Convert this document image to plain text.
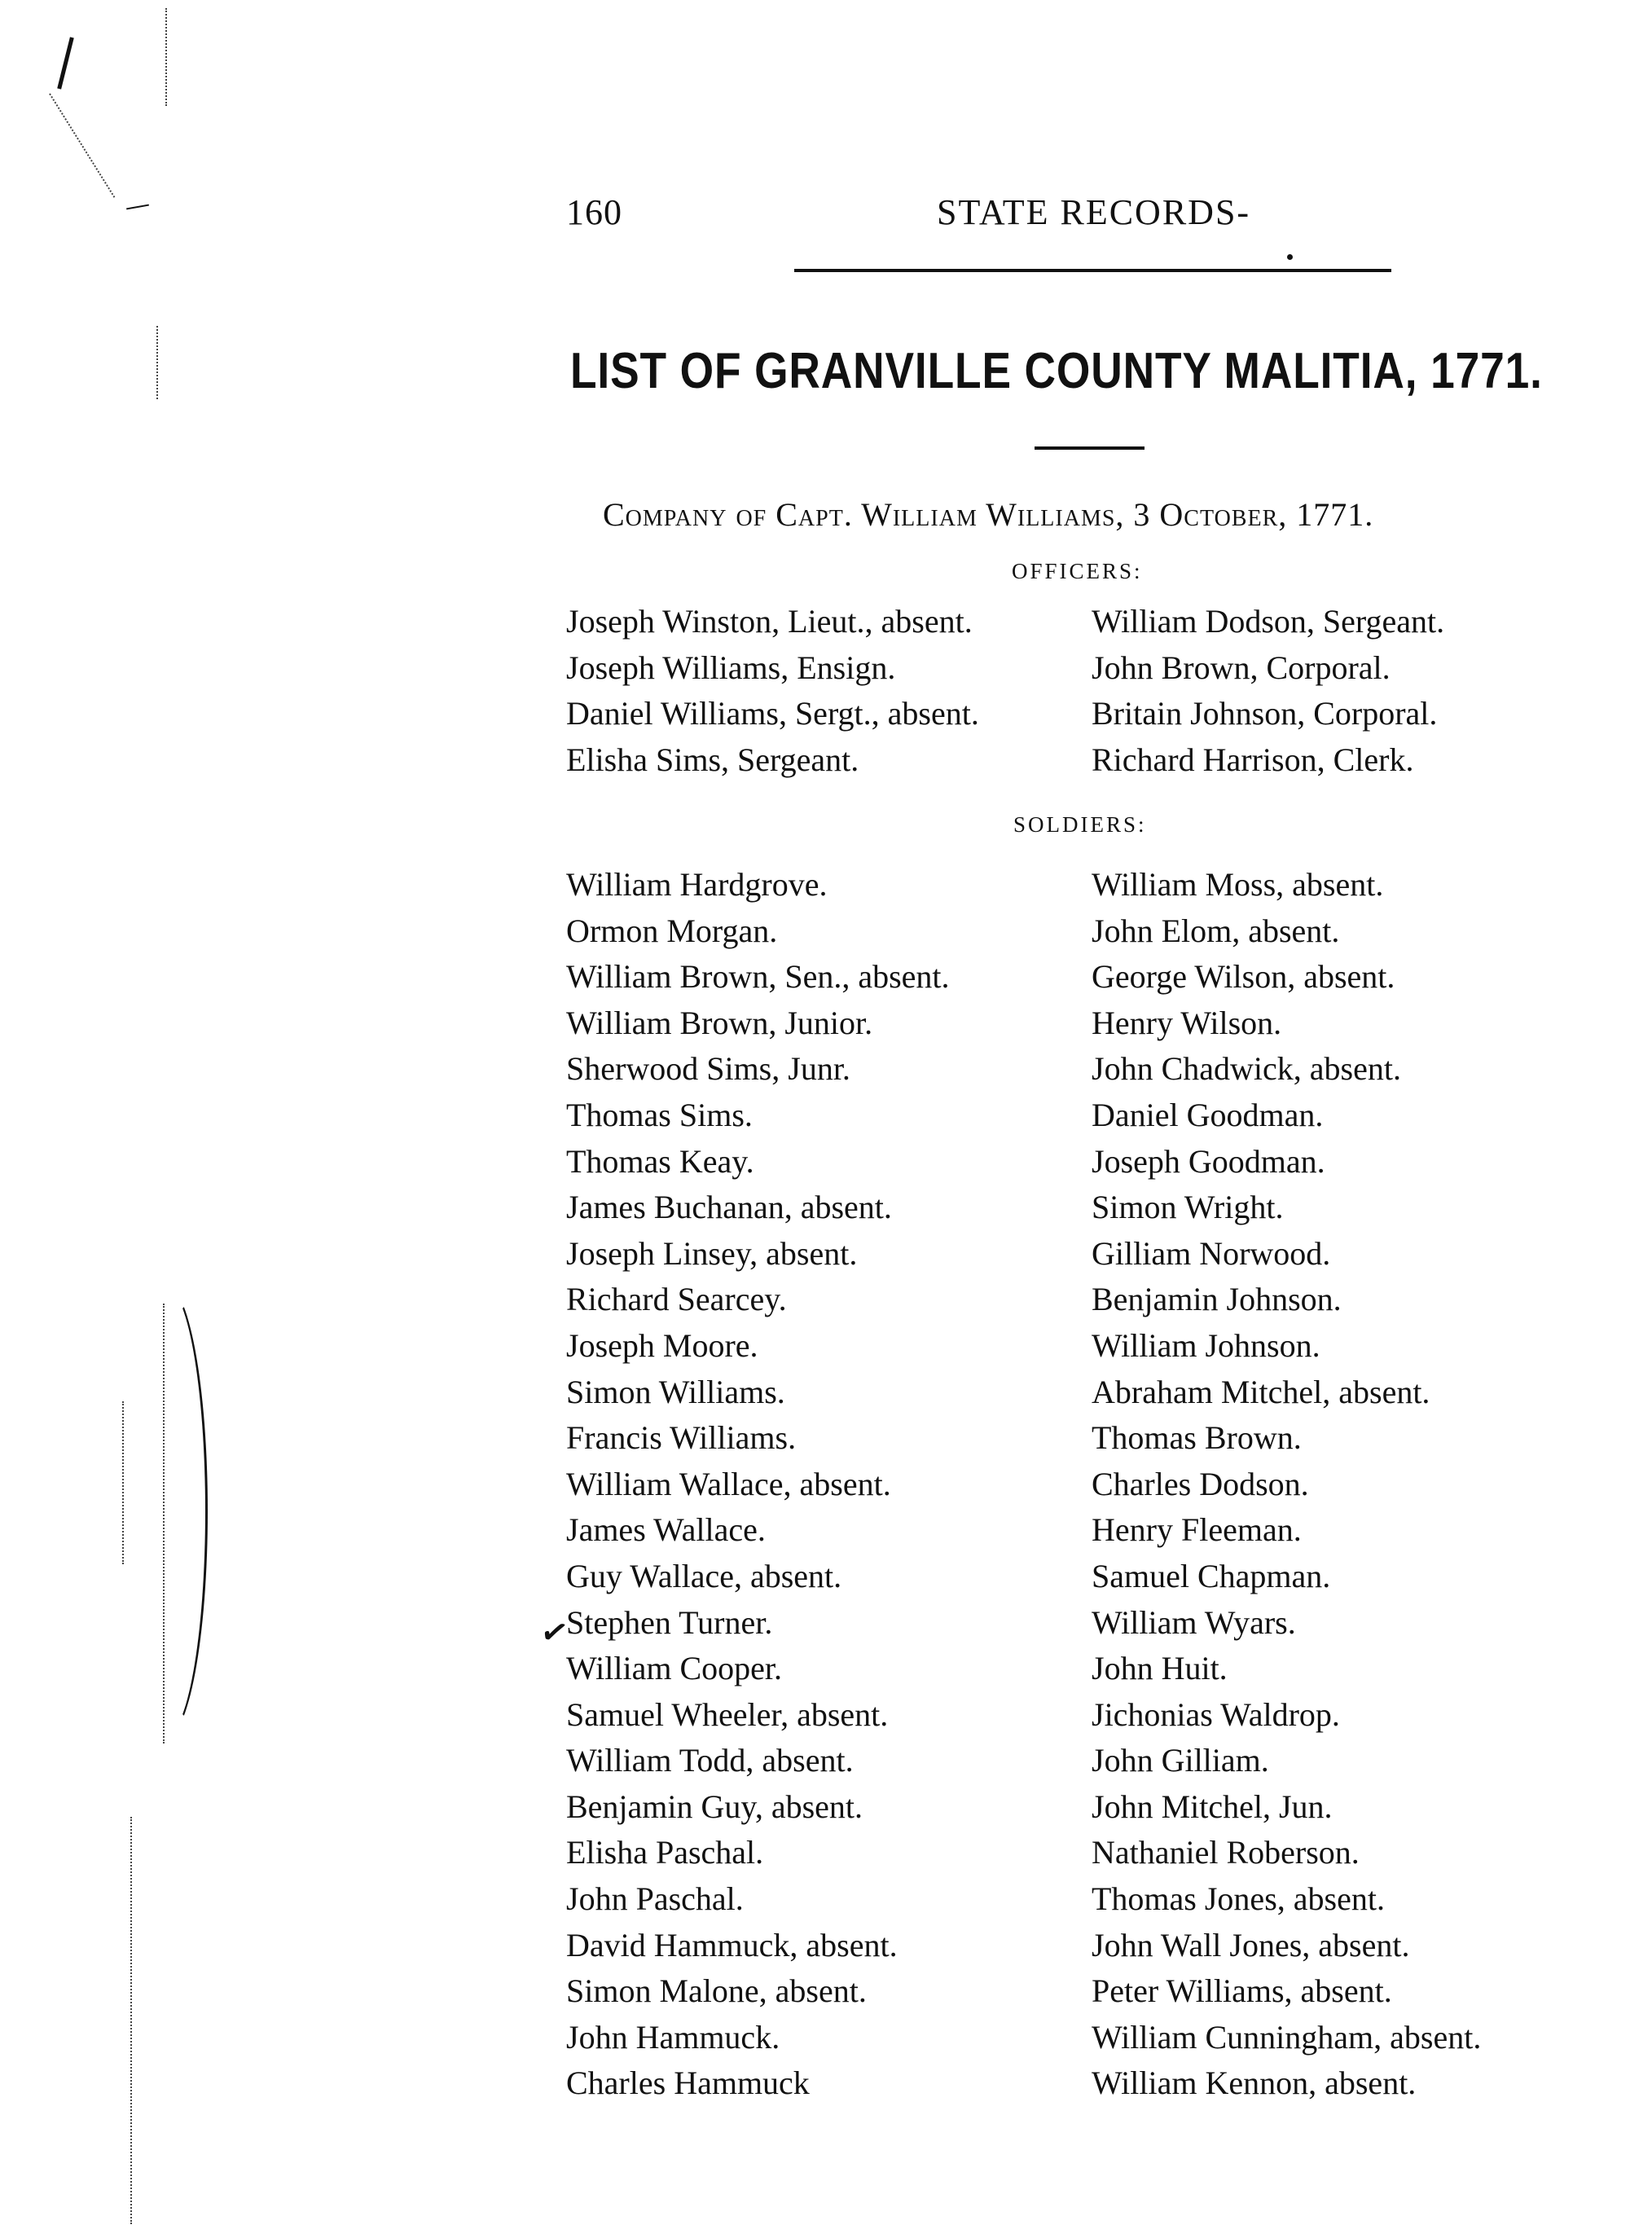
160	STATE RECORDS-
LIST OF GRANVILLE COUNTY MALITIA, 1771.
Company of Capt. William Williams, 3 October, 1771.
OFFICERS:
Joseph Winston, Lieut., absent.
Joseph Williams, Ensign.
Daniel Williams, Sergt., absent.
Elisha Sims, Sergeant.
William Dodson, Sergeant.
John Brown, Corporal.
Britain Johnson, Corporal.
Richard Harrison, Clerk.
SOLDIERS:
William Hardgrove.
Ormon Morgan.
William Brown, Sen., absent.
William Brown, Junior.
Sherwood Sims, Junr.
Thomas Sims.
Thomas Keay.
James Buchanan, absent.
Joseph Linsey, absent.
Richard Searcey.
Joseph Moore.
Simon Williams.
Francis Williams.
William Wallace, absent.
James Wallace.
Guy Wallace, absent.
Stephen Turner.
William Cooper.
Samuel Wheeler, absent.
William Todd, absent.
Benjamin Guy, absent.
Elisha Paschal.
John Paschal.
David Hammuck, absent.
Simon Malone, absent.
John Hammuck.
Charles Hammuck
William Moss, absent.
John Elom, absent.
George Wilson, absent.
Henry Wilson.
John Chadwick, absent.
Daniel Goodman.
Joseph Goodman.
Simon Wright.
Gilliam Norwood.
Benjamin Johnson.
William Johnson.
Abraham Mitchel, absent.
Thomas Brown.
Charles Dodson.
Henry Fleeman.
Samuel Chapman.
William Wyars.
John Huit.
Jichonias Waldrop.
John Gilliam.
John Mitchel, Jun.
Nathaniel Roberson.
Thomas Jones, absent.
John Wall Jones, absent.
Peter Williams, absent.
William Cunningham, absent.
William Kennon, absent.
✓
